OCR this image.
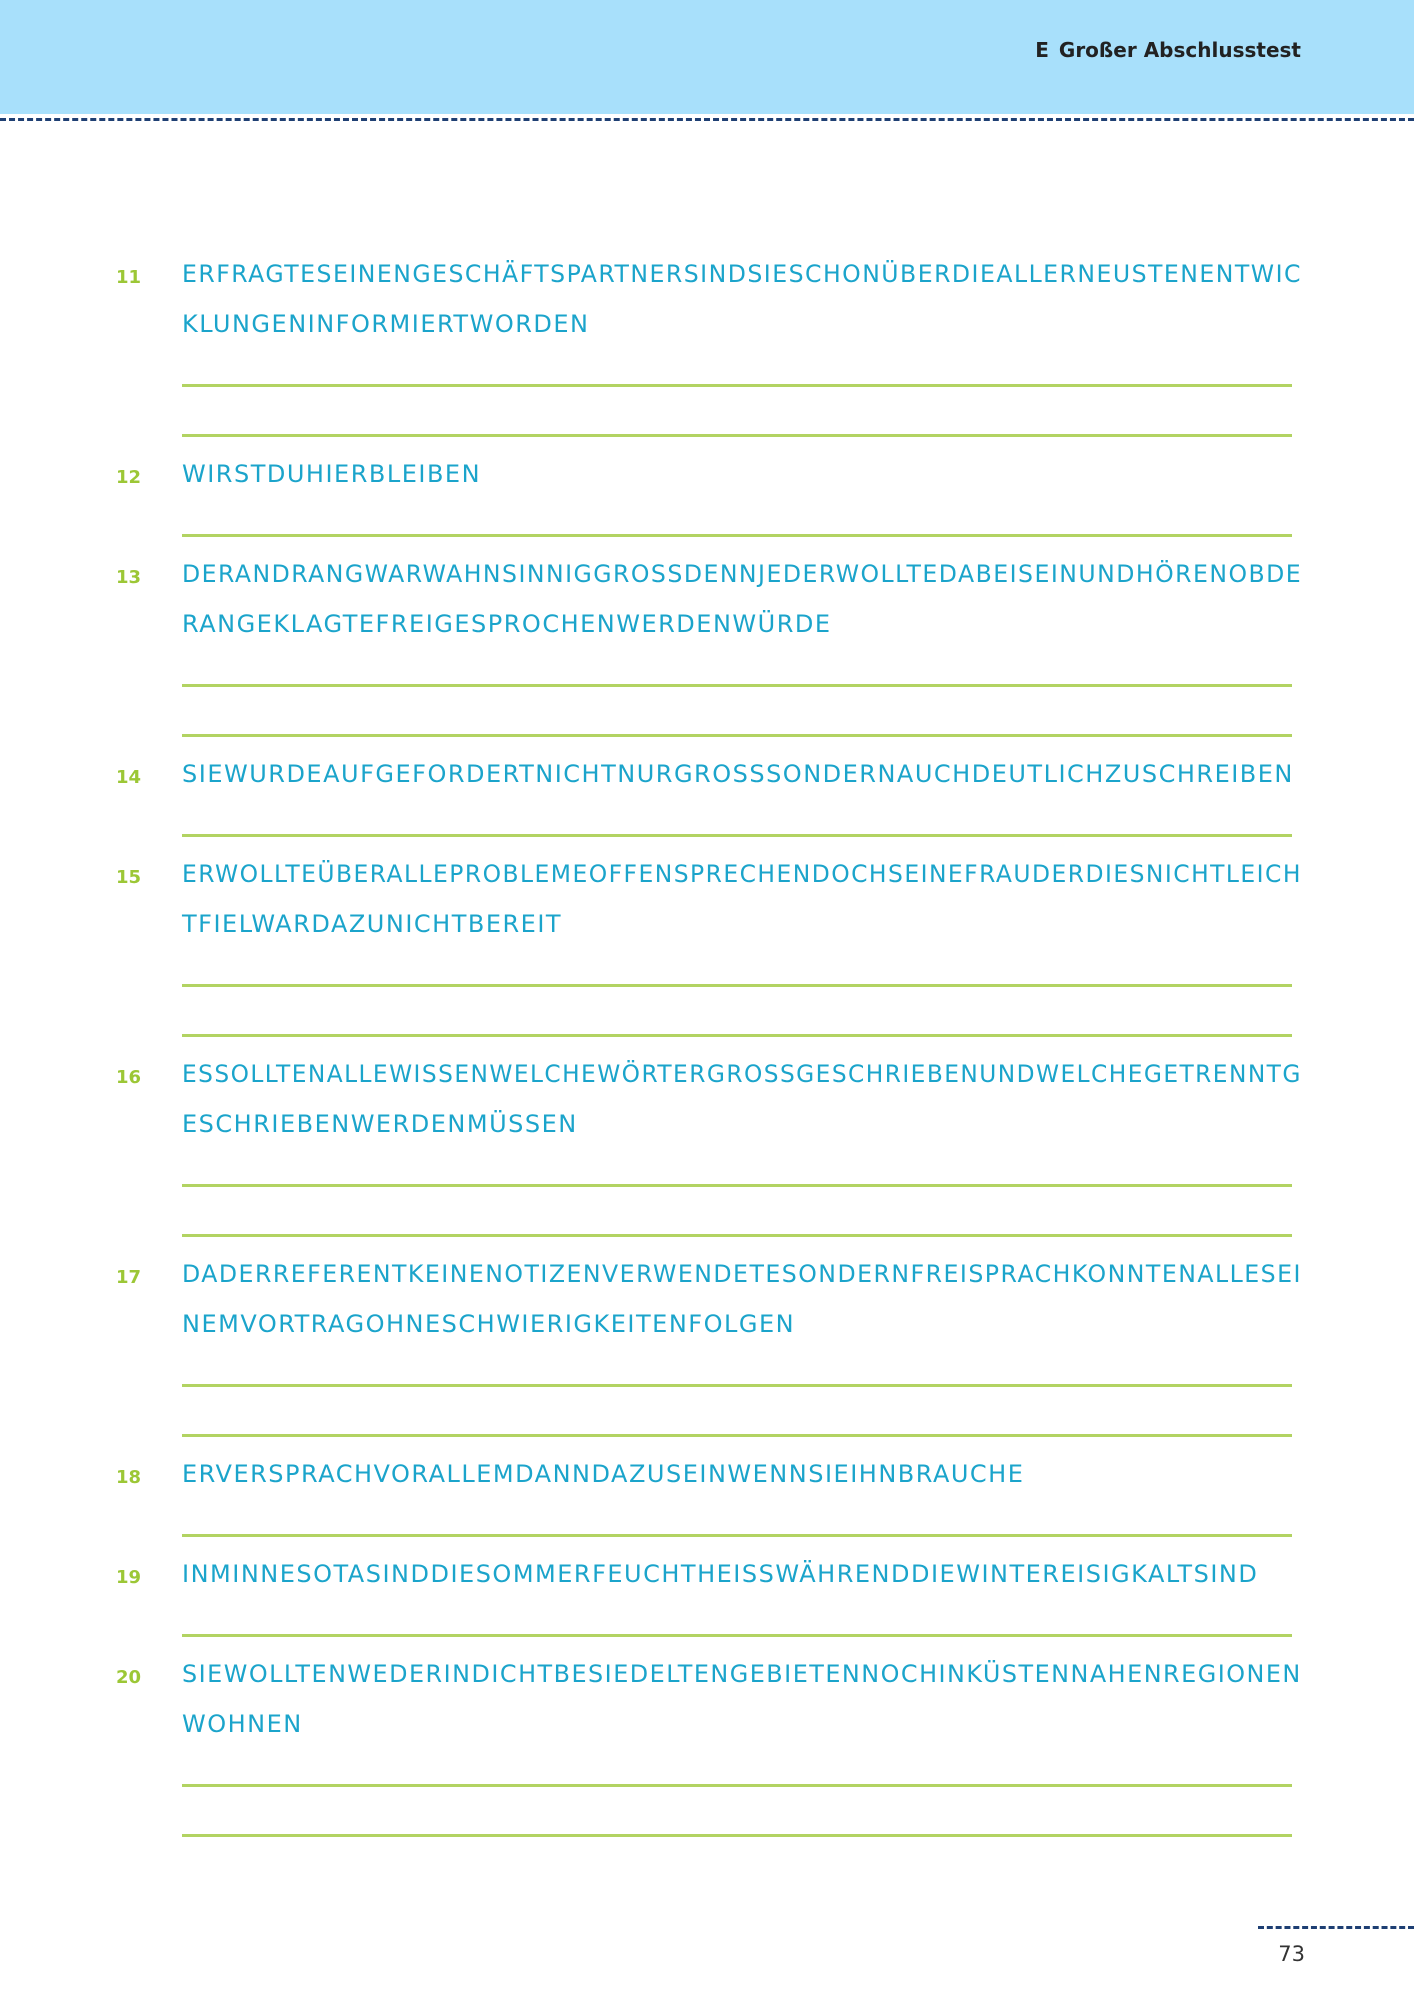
E Großer Abschlusstest
11 ERFRAGTESEINENGESCHÄFTSPARTNERSINDSIESCHONÜBERDIEALLERNEUSTENENTWIC
KLUNGENINFORMIERTWORDEN
12 WIRSTDUHIERBLEIBEN
13 DERANDRANGWARWAHNSINNIGGROSSDENNJEDERWOLLTEDABEISEINUNDHÖRENOBDE
RANGEKLAGTEFREIGESPROCHENWERDENWÜRDE
14 SIEWURDEAUFGEFORDERTNICHTNURGROSSSONDERNAUCHDEUTLICHZUSCHREIBEN
15 ERWOLLTEÜBERALLEPROBLEMEOFFENSPRECHENDOCHSEINEFRAUDERDIESNICHTLEICH
TFIELWARDAZUNICHTBEREIT
16 ESSOLLTENALLEWISSENWELCHEWÖRTERGROSSGESCHRIEBENUNDWELCHEGETRENNTG
ESCHRIEBENWERDENMÜSSEN
17 DADERREFERENTKEINENOTIZENVERWENDETESONDERNFREISPRACHKONNTENALLESEI
NEMVORTRAGOHNESCHWIERIGKEITENFOLGEN
18 ERVERSPRACHVORALLEMDANNDAZUSEINWENNSIEIHNBRAUCHE
19 INMINNESOTASINDDIESOMMERFEUCHTHEISSWÄHRENDDIEWINTEREISIGKALTSIND
20 SIEWOLLTENWEDERINDICHTBESIEDELTENGEBIETENNOCHINKÜSTENNAHENREGIONEN
WOHNEN
73
